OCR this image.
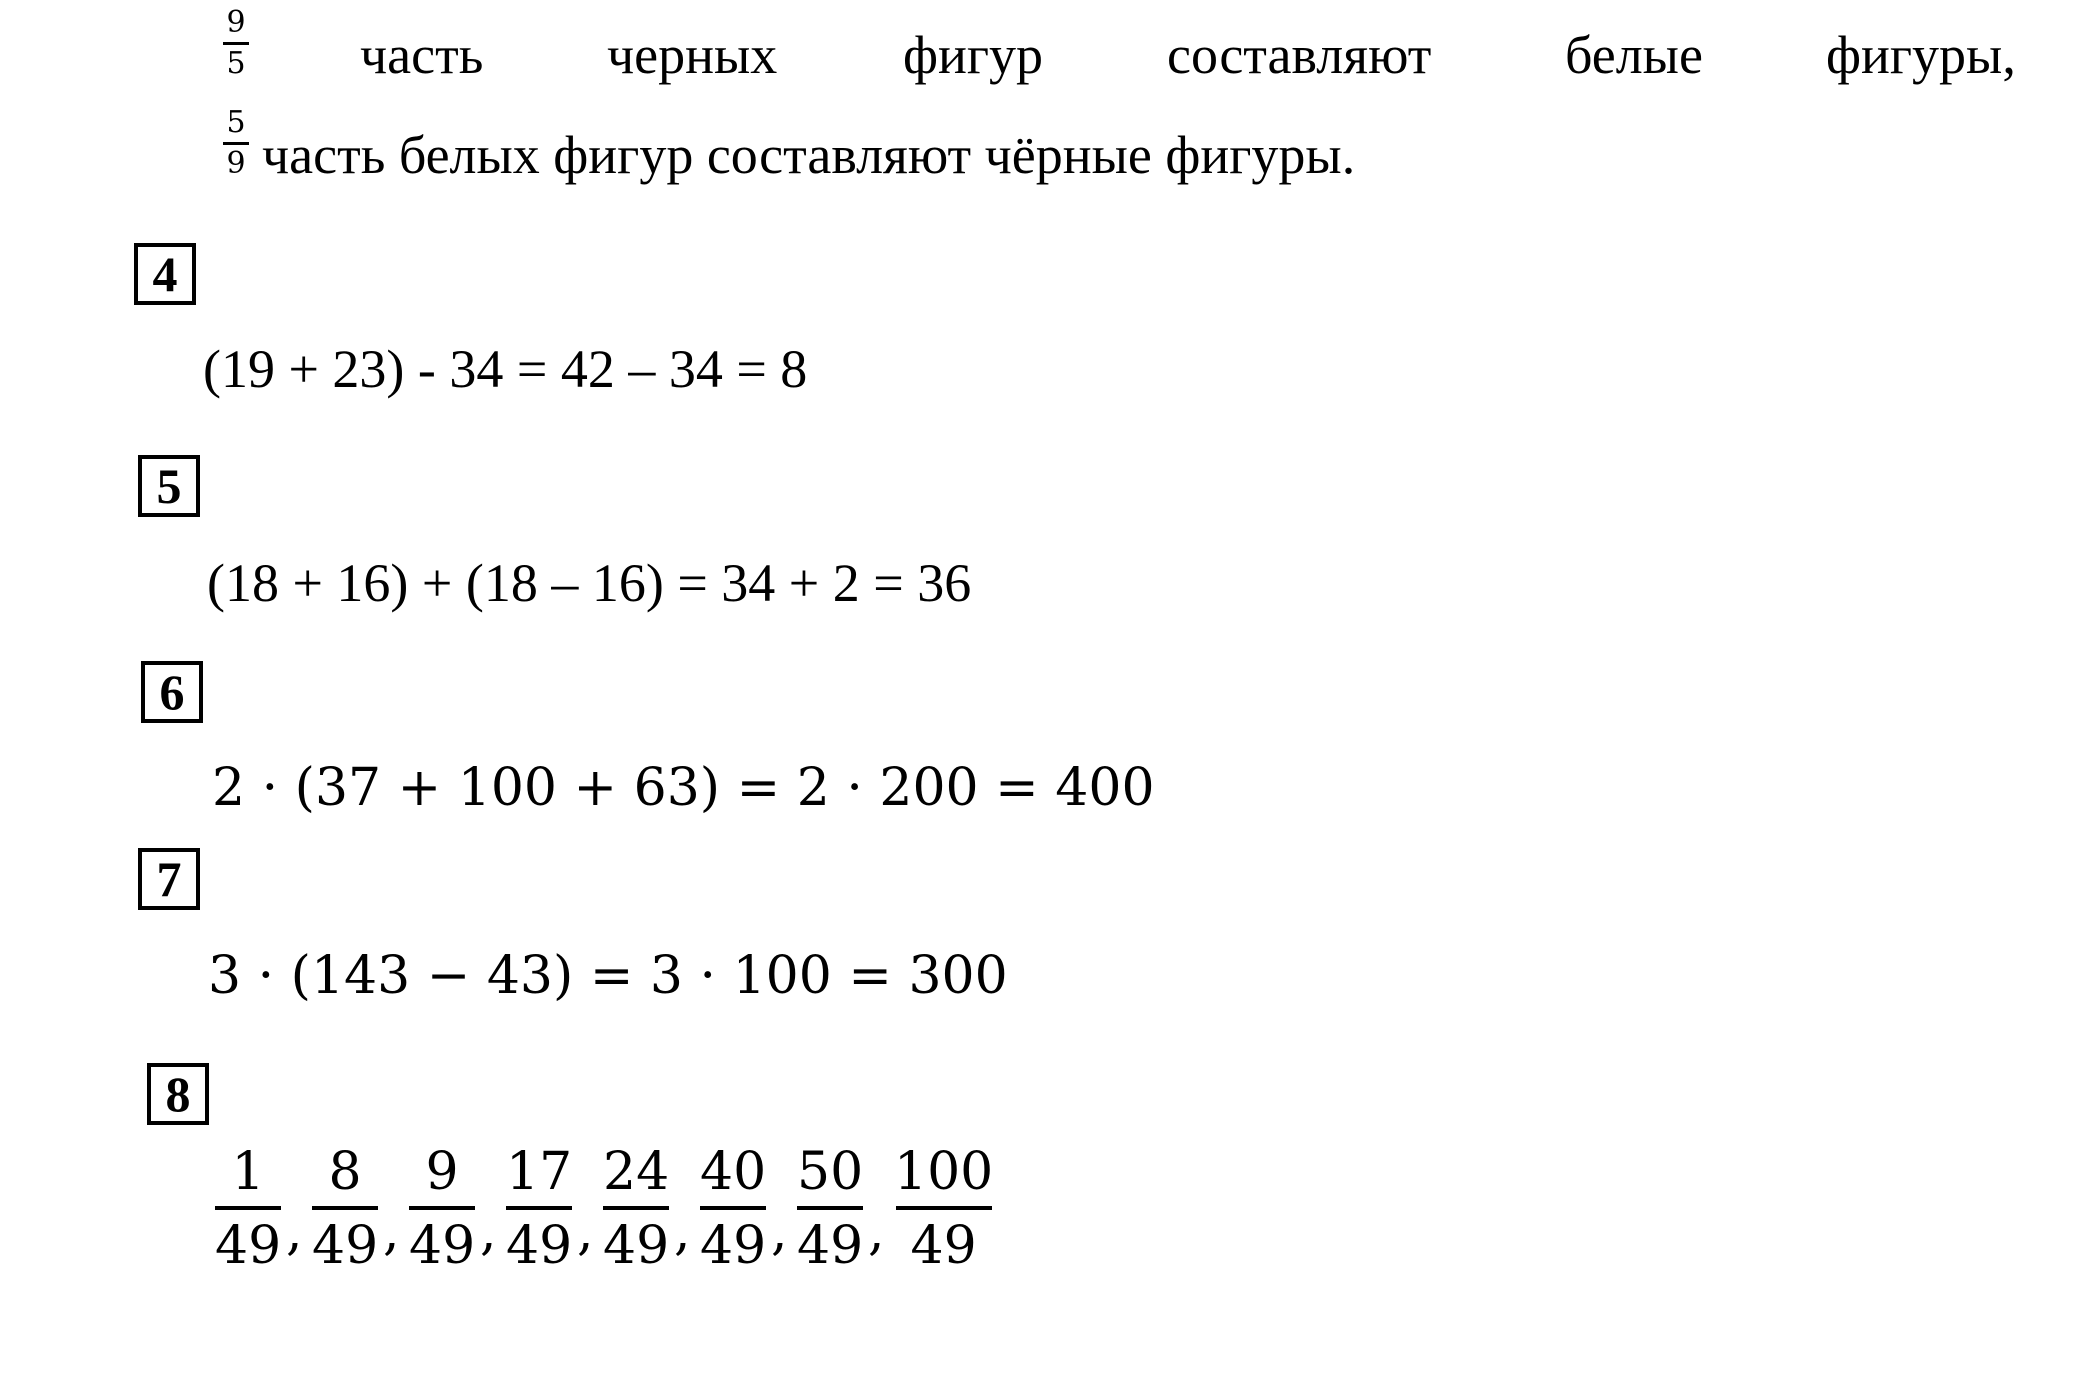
9
5 часть черных фигур составляют белые фигуры,
5
9 часть белых фигур составляют чёрные фигуры.
4
(19 + 23) - 34 = 42 – 34 = 8
5
(18 + 16) + (18 – 16) = 34 + 2 = 36
6
2 · (37 + 100 + 63) = 2 · 200 = 400
7
3 · (143 − 43) = 3 · 100 = 300
8
1
49 ,
8
49 ,
9
49 ,
17
49 ,
24
49 ,
40
49 ,
50
49 ,
100
49
